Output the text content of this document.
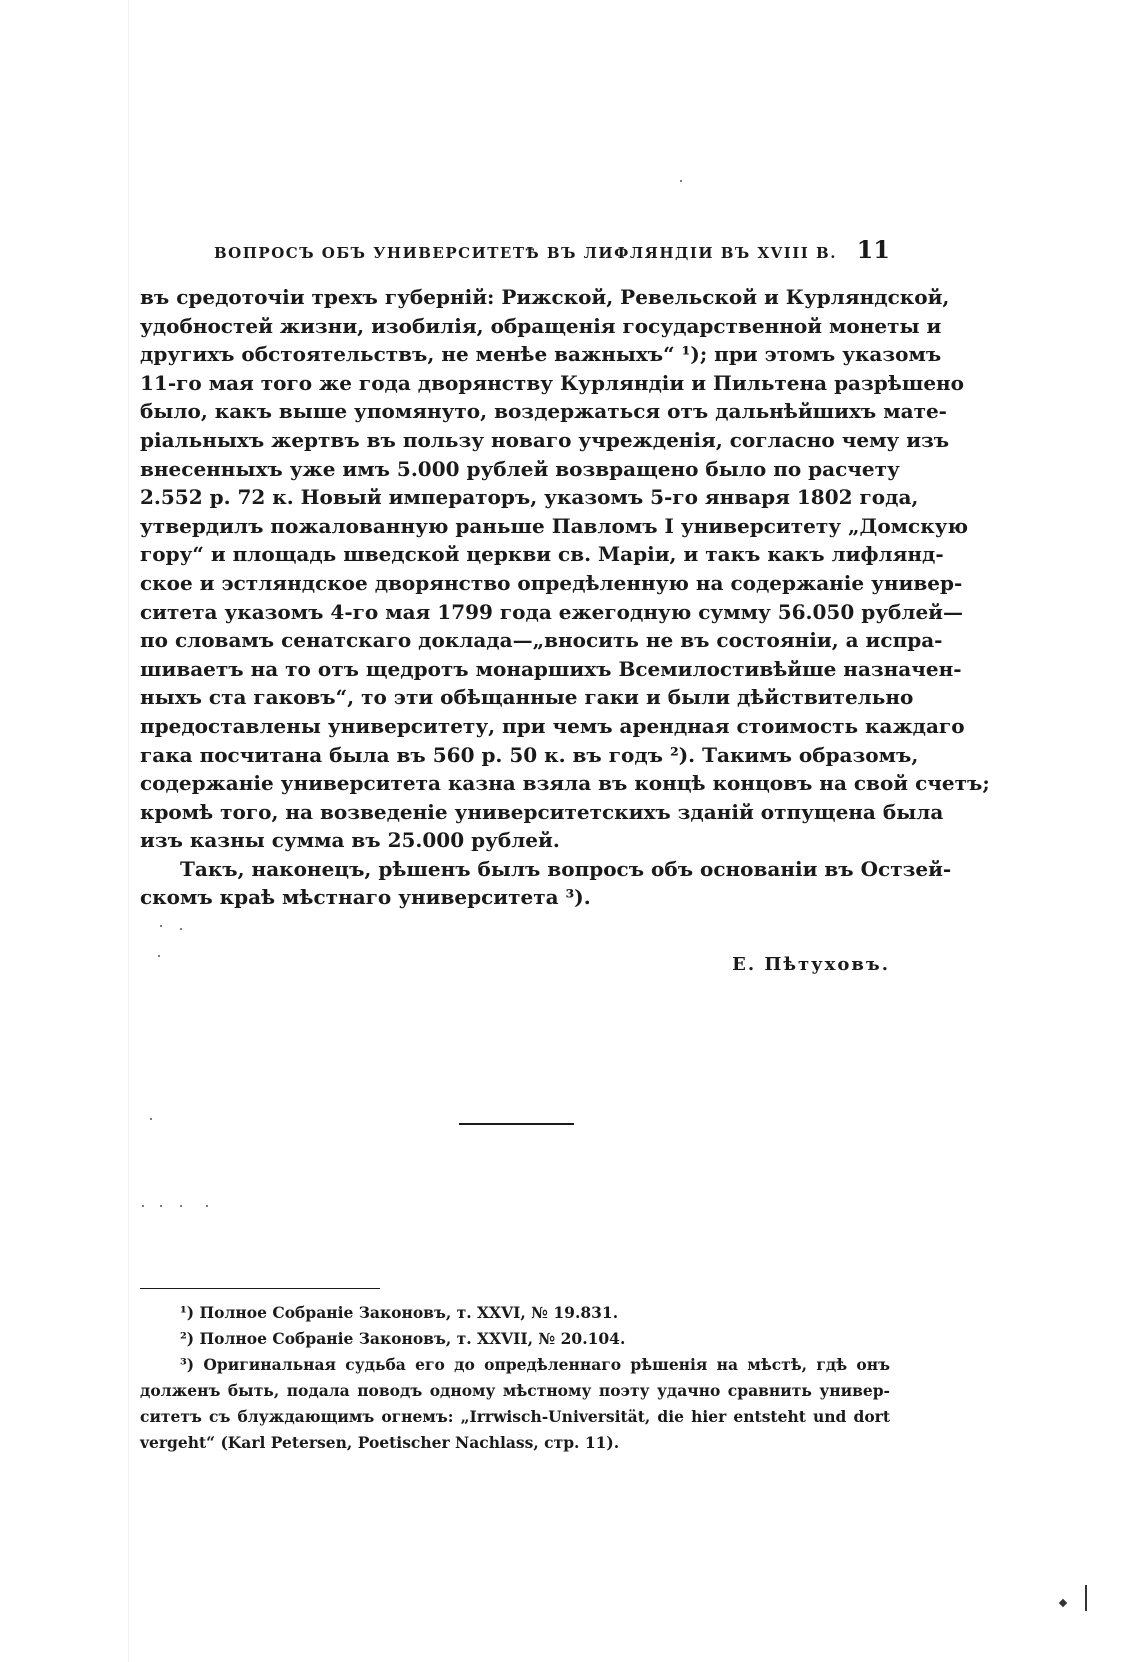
ВОПРОСЪ ОБЪ УНИВЕРСИТЕТѢ ВЪ ЛИФЛЯНДІИ ВЪ XVIII В. 11
въ средоточіи трехъ губерній: Рижской, Ревельской и Курляндской,
удобностей жизни, изобилія, обращенія государственной монеты и
другихъ обстоятельствъ, не менѣе важныхъ“ ¹); при этомъ указомъ
11-го мая того же года дворянству Курляндіи и Пильтена разрѣшено
было, какъ выше упомянуто, воздержаться отъ дальнѣйшихъ мате-
ріальныхъ жертвъ въ пользу новаго учрежденія, согласно чему изъ
внесенныхъ уже имъ 5.000 рублей возвращено было по расчету
2.552 р. 72 к. Новый императоръ, указомъ 5-го января 1802 года,
утвердилъ пожалованную раньше Павломъ I университету „Домскую
гору“ и площадь шведской церкви св. Маріи, и такъ какъ лифлянд-
ское и эстляндское дворянство опредѣленную на содержаніе универ-
ситета указомъ 4-го мая 1799 года ежегодную сумму 56.050 рублей—
по словамъ сенатскаго доклада—„вносить не въ состояніи, а испра-
шиваетъ на то отъ щедротъ монаршихъ Всемилостивѣйше назначен-
ныхъ ста гаковъ“, то эти обѣщанные гаки и были дѣйствительно
предоставлены университету, при чемъ арендная стоимость каждаго
гака посчитана была въ 560 р. 50 к. въ годъ ²). Такимъ образомъ,
содержаніе университета казна взяла въ концѣ концовъ на свой счетъ;
кромѣ того, на возведеніе университетскихъ зданій отпущена была
изъ казны сумма въ 25.000 рублей.
Такъ, наконецъ, рѣшенъ былъ вопросъ объ основаніи въ Остзей-
скомъ краѣ мѣстнаго университета ³).
Е. Пѣтуховъ.
¹) Полное Собраніе Законовъ, т. XXVI, № 19.831.
²) Полное Собраніе Законовъ, т. XXVII, № 20.104.
³) Оригинальная судьба его до опредѣленнаго рѣшенія на мѣстѣ, гдѣ онъ
долженъ быть, подала поводъ одному мѣстному поэту удачно сравнить универ-
ситетъ съ блуждающимъ огнемъ: „Irrwisch-Universität, die hier entsteht und dort
vergeht“ (Karl Petersen, Poetischer Nachlass, стр. 11).
